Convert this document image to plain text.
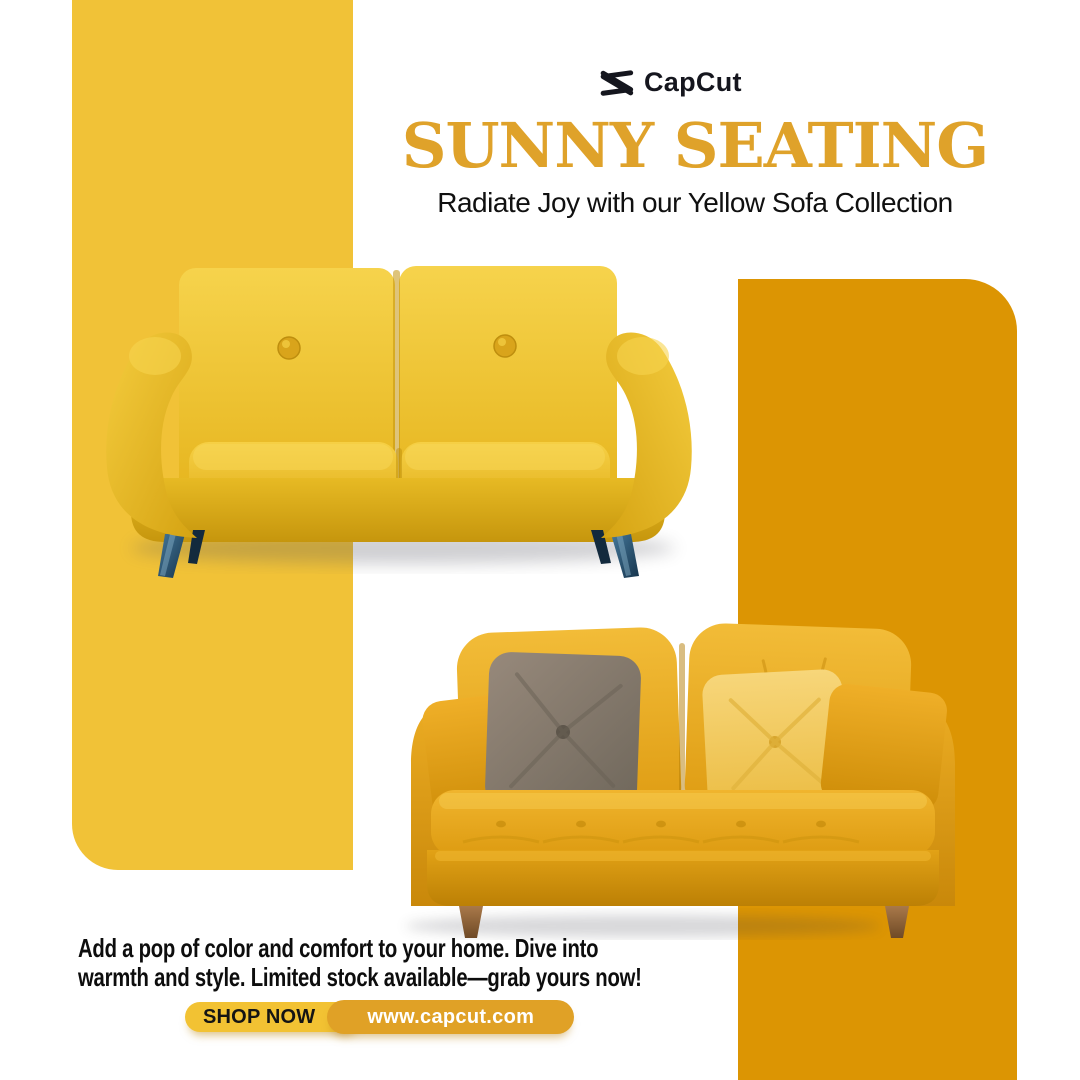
CapCut
SUNNY SEATING
Radiate Joy with our Yellow Sofa Collection
Add a pop of color and comfort to your home. Dive into
warmth and style. Limited stock available—grab yours now!
SHOP NOW	www.capcut.com
